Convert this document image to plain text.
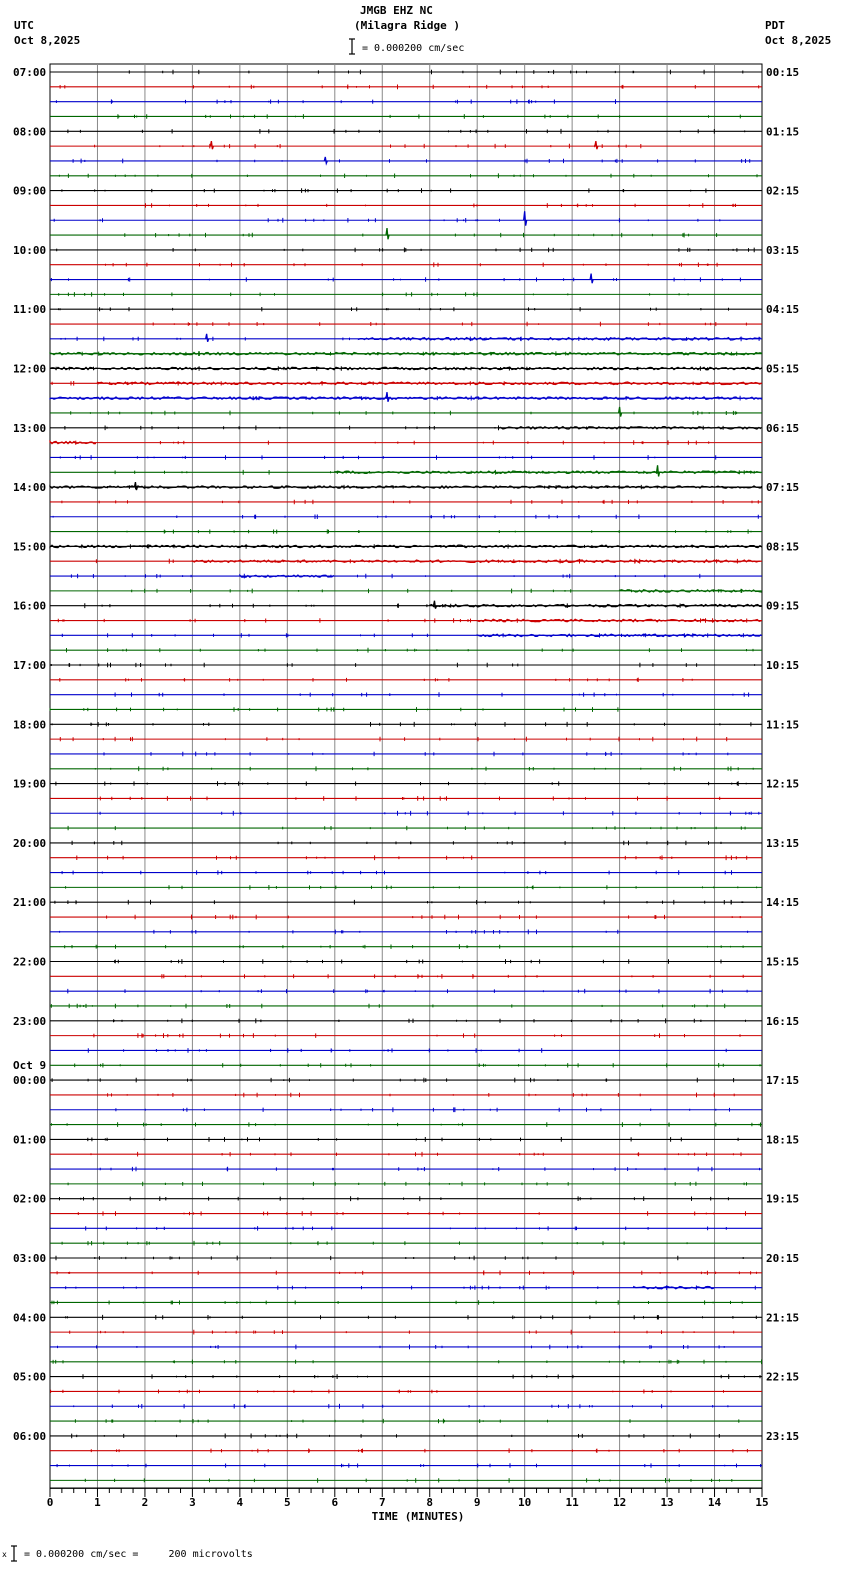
JMGB EHZ NC
(Milagra Ridge )
UTC
Oct 8,2025
PDT
Oct 8,2025
= 0.000200 cm/sec
07:00
08:00
09:00
10:00
11:00
12:00
13:00
14:00
15:00
16:00
17:00
18:00
19:00
20:00
21:00
22:00
23:00
Oct 9
00:00
01:00
02:00
03:00
04:00
05:00
06:00
00:15
01:15
02:15
03:15
04:15
05:15
06:15
07:15
08:15
09:15
10:15
11:15
12:15
13:15
14:15
15:15
16:15
17:15
18:15
19:15
20:15
21:15
22:15
23:15
0	1	2	3	4	5	6	7	8	9	10	11	12	13	14	15
TIME (MINUTES)
x = 0.000200 cm/sec =     200 microvolts
